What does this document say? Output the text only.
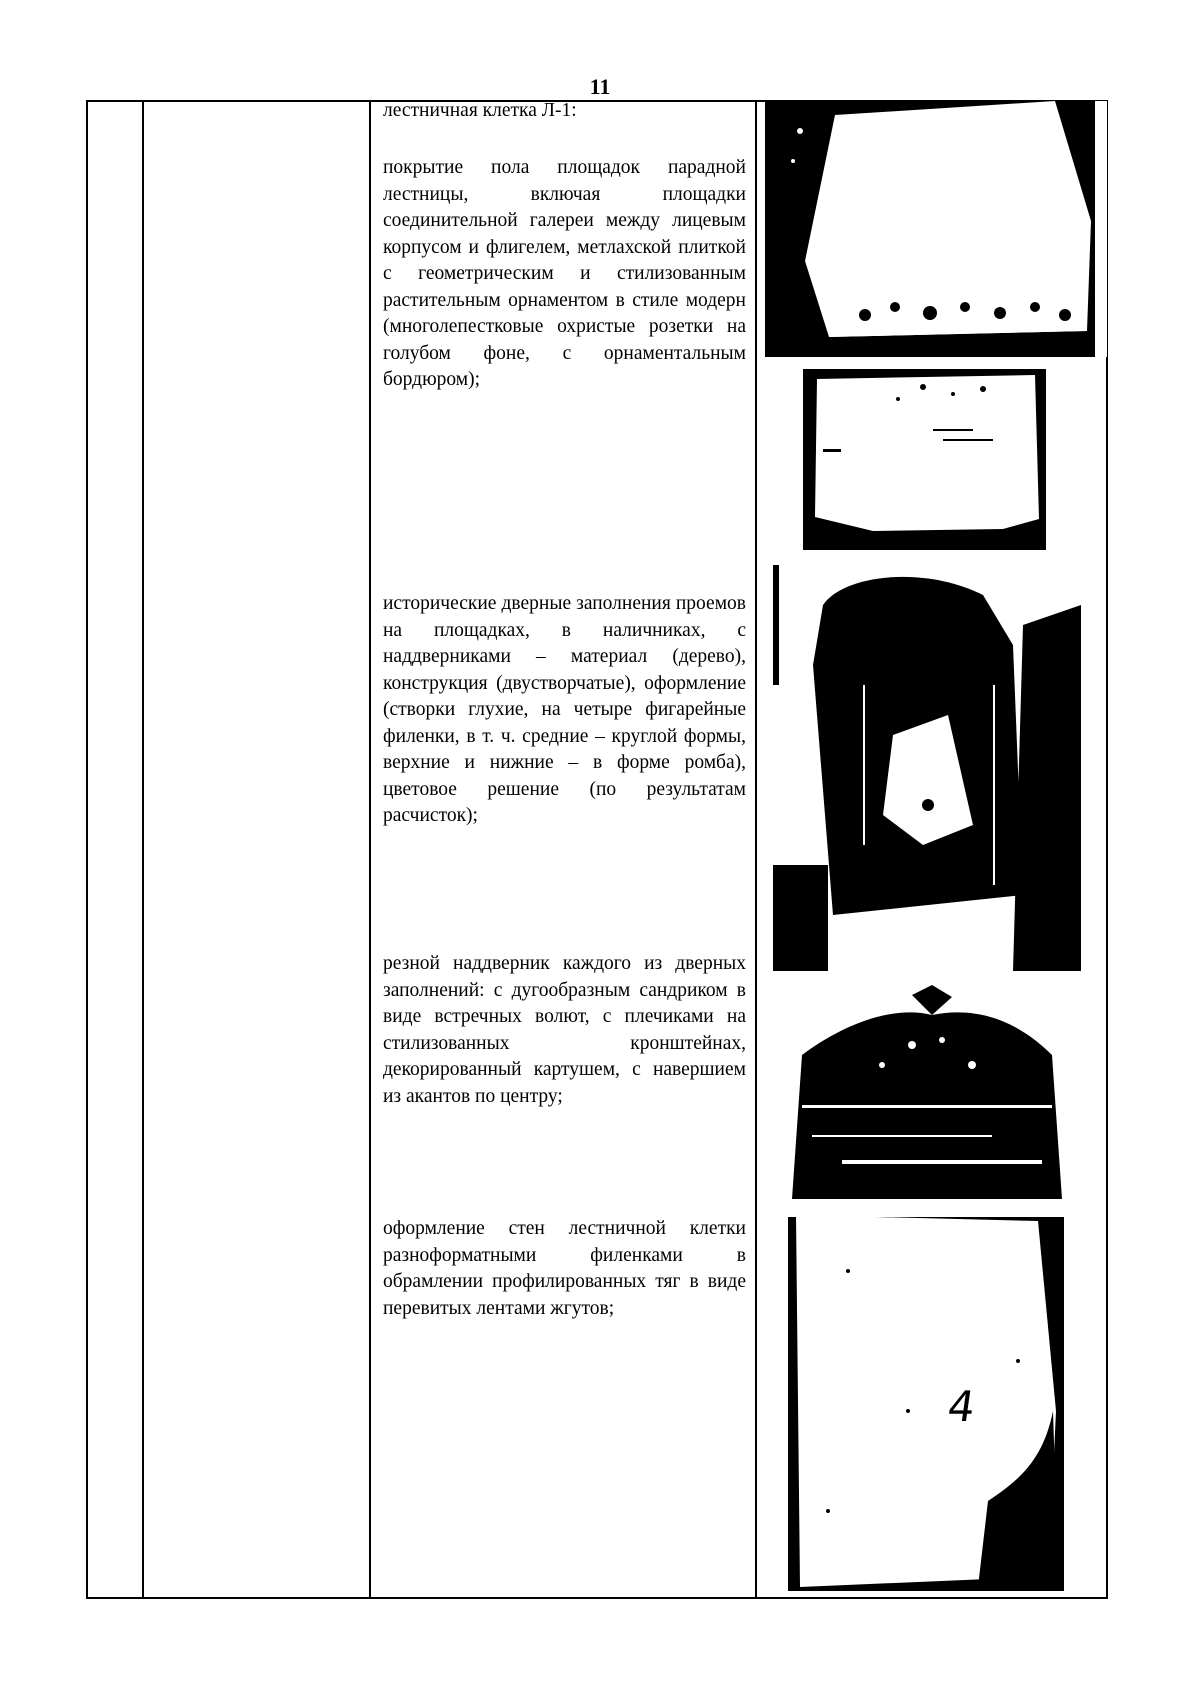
11
лестничная клетка Л-1:
покрытие пола площадок парадной лестницы, включая площадки соединительной галереи между лицевым корпусом и флигелем, метлахской плиткой с геометрическим и стилизованным растительным орнаментом в стиле модерн (многолепестковые охристые розетки на голубом фоне, с орнаментальным бордюром);
исторические дверные заполнения проемов на площадках, в наличниках, с наддверниками – материал (дерево), конструкция (двустворчатые), оформление (створки глухие, на четыре фигарейные филенки, в т. ч. средние – круглой формы, верхние и нижние – в форме ромба), цветовое решение (по результатам расчисток);
резной наддверник каждого из дверных заполнений: с дугообразным сандриком в виде встречных волют, с плечиками на стилизованных кронштейнах, декорированный картушем, с навершием из акантов по центру;
оформление стен лестничной клетки разноформатными филенками в обрамлении профилированных тяг в виде перевитых лентами жгутов;
4
